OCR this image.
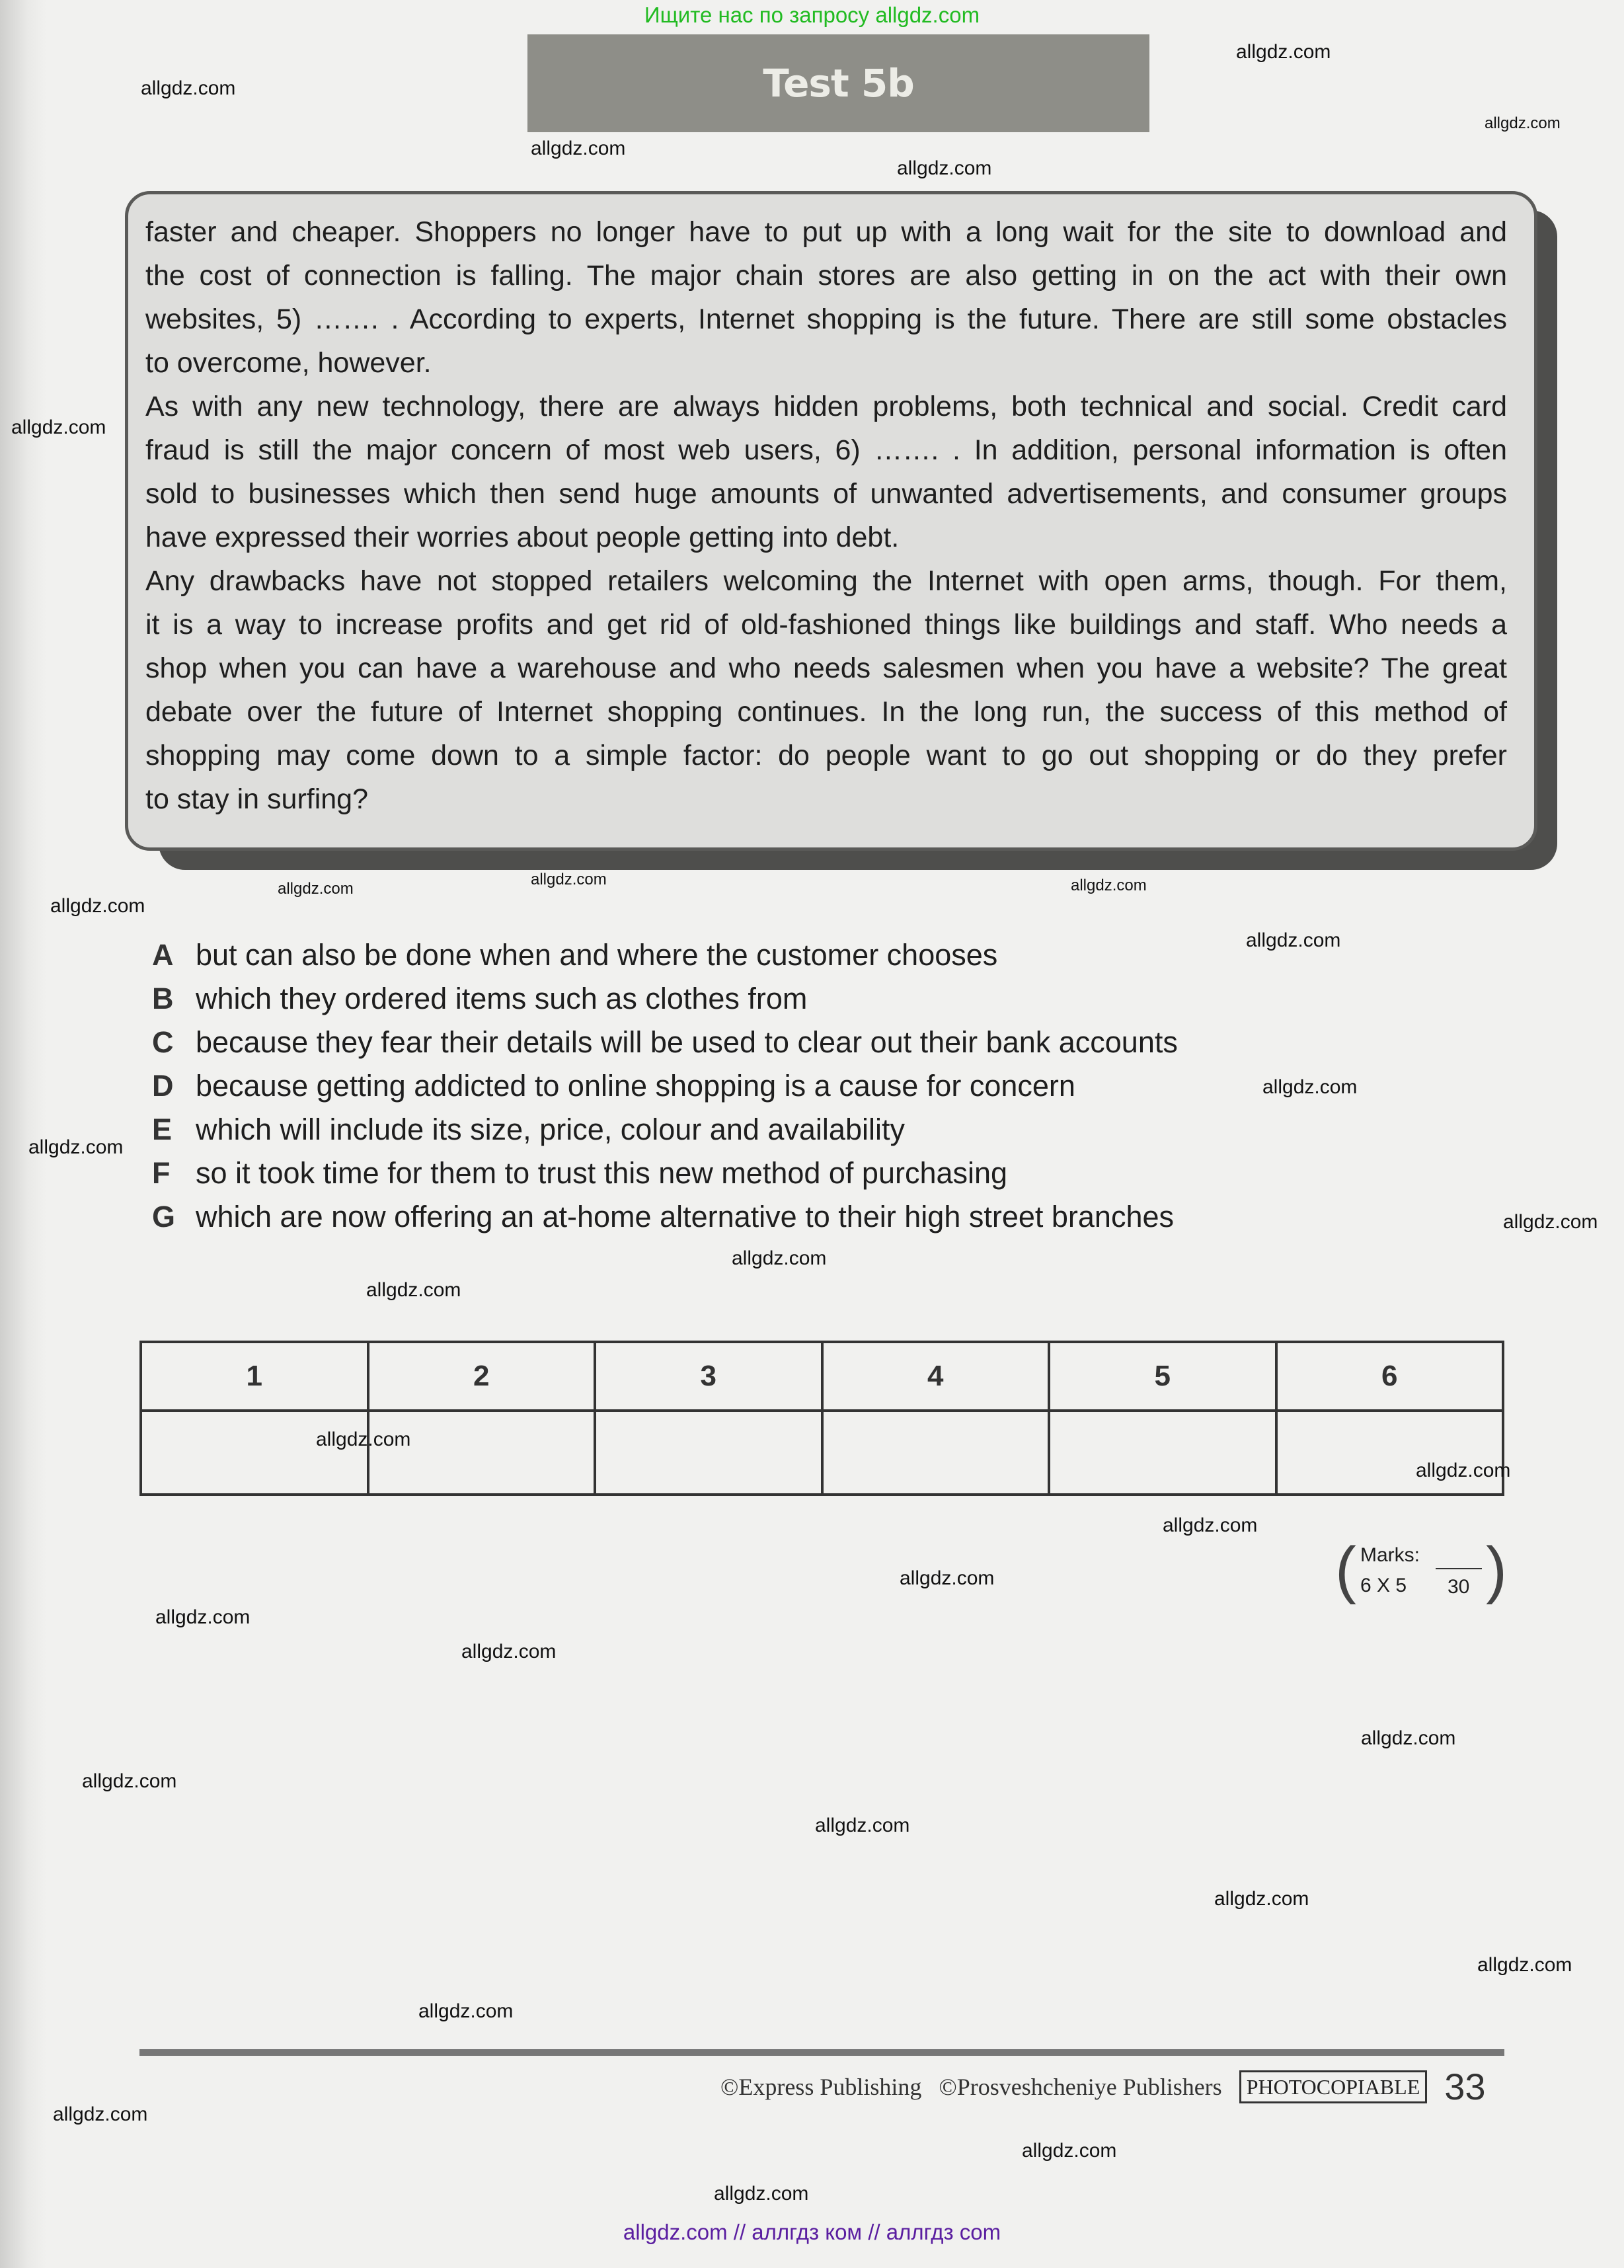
Ищите нас по запросу allgdz.com
Test 5b
faster and cheaper. Shoppers no longer have to put up with a long wait for the site to download and
the cost of connection is falling. The major chain stores are also getting in on the act with their own
websites, 5) ……. . According to experts, Internet shopping is the future. There are still some obstacles
to overcome, however.
As with any new technology, there are always hidden problems, both technical and social. Credit card
fraud is still the major concern of most web users, 6) ……. . In addition, personal information is often
sold to businesses which then send huge amounts of unwanted advertisements, and consumer groups
have expressed their worries about people getting into debt.
Any drawbacks have not stopped retailers welcoming the Internet with open arms, though. For them,
it is a way to increase profits and get rid of old-fashioned things like buildings and staff. Who needs a
shop when you can have a warehouse and who needs salesmen when you have a website? The great
debate over the future of Internet shopping continues. In the long run, the success of this method of
shopping may come down to a simple factor: do people want to go out shopping or do they prefer
to stay in surfing?
A but can also be done when and where the customer chooses
B which they ordered items such as clothes from
C because they fear their details will be used to clear out their bank accounts
D because getting addicted to online shopping is a cause for concern
E which will include its size, price, colour and availability
F so it took time for them to trust this new method of purchasing
G which are now offering an at-home alternative to their high street branches
1	2	3	4	5	6

( )
Marks:
6 X 5 30
©Express Publishing ©Prosveshcheniye Publishers	PHOTOCOPIABLE 33
allgdz.com // аллгдз ком // аллгдз com
allgdz.com
allgdz.com
allgdz.com
allgdz.com
allgdz.com
allgdz.com
allgdz.com
allgdz.com
allgdz.com
allgdz.com
allgdz.com
allgdz.com
allgdz.com
allgdz.com
allgdz.com
allgdz.com
allgdz.com
allgdz.com
allgdz.com
allgdz.com
allgdz.com
allgdz.com
allgdz.com
allgdz.com
allgdz.com
allgdz.com
allgdz.com
allgdz.com
allgdz.com
allgdz.com
allgdz.com
